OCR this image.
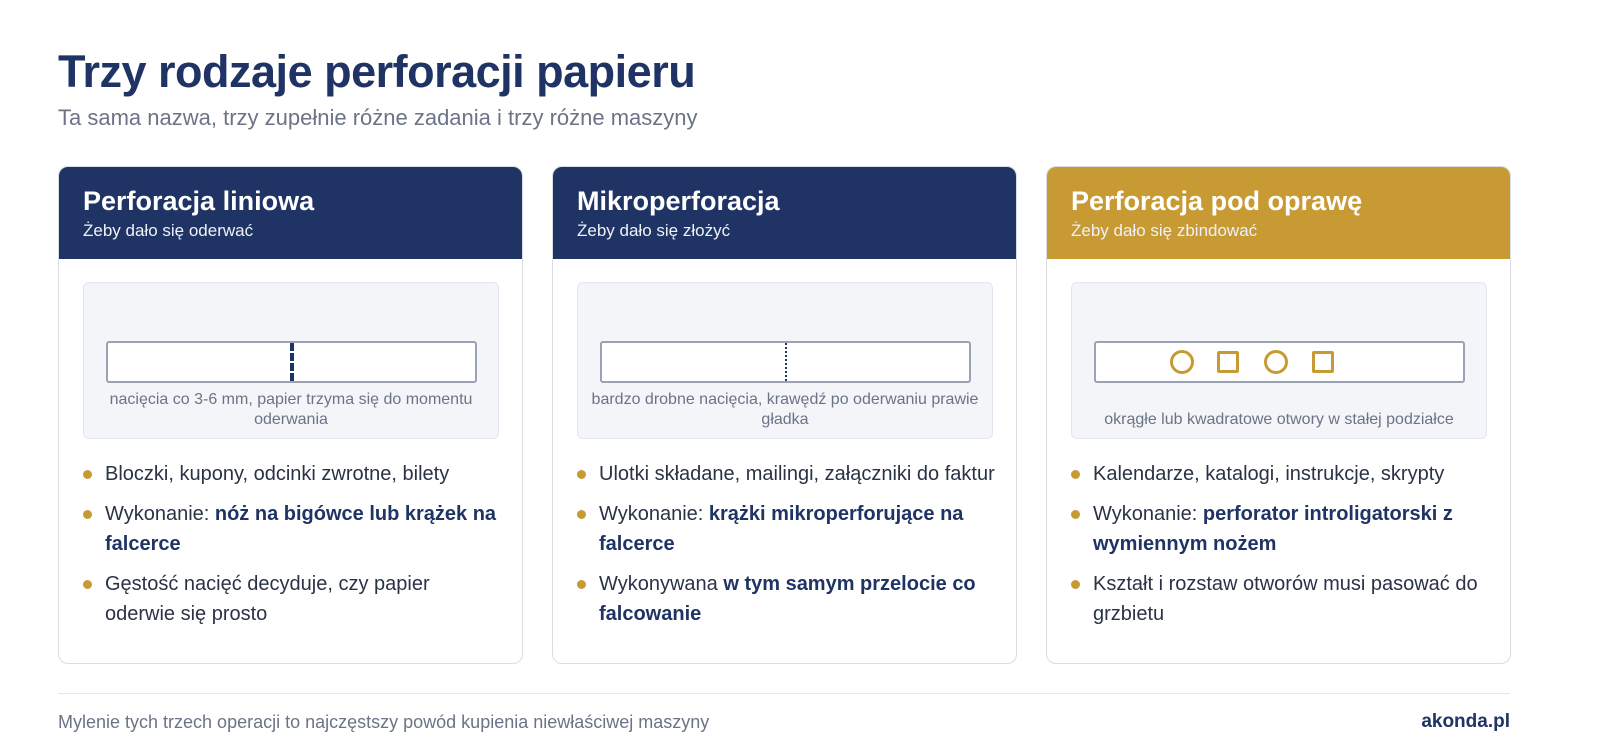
Trzy rodzaje perforacji papieru
Ta sama nazwa, trzy zupełnie różne zadania i trzy różne maszyny
Perforacja liniowa
Żeby dało się oderwać
nacięcia co 3-6 mm, papier trzyma się do momentu oderwania
Bloczki, kupony, odcinki zwrotne, bilety
Wykonanie: nóż na bigówce lub krążek na falcerce
Gęstość nacięć decyduje, czy papier oderwie się prosto
Mikroperforacja
Żeby dało się złożyć
bardzo drobne nacięcia, krawędź po oderwaniu prawie gładka
Ulotki składane, mailingi, załączniki do faktur
Wykonanie: krążki mikroperforujące na falcerce
Wykonywana w tym samym przelocie co falcowanie
Perforacja pod oprawę
Żeby dało się zbindować
okrągłe lub kwadratowe otwory w stałej podziałce
Kalendarze, katalogi, instrukcje, skrypty
Wykonanie: perforator introligatorski z wymiennym nożem
Kształt i rozstaw otworów musi pasować do grzbietu
Mylenie tych trzech operacji to najczęstszy powód kupienia niewłaściwej maszyny	akonda.pl
